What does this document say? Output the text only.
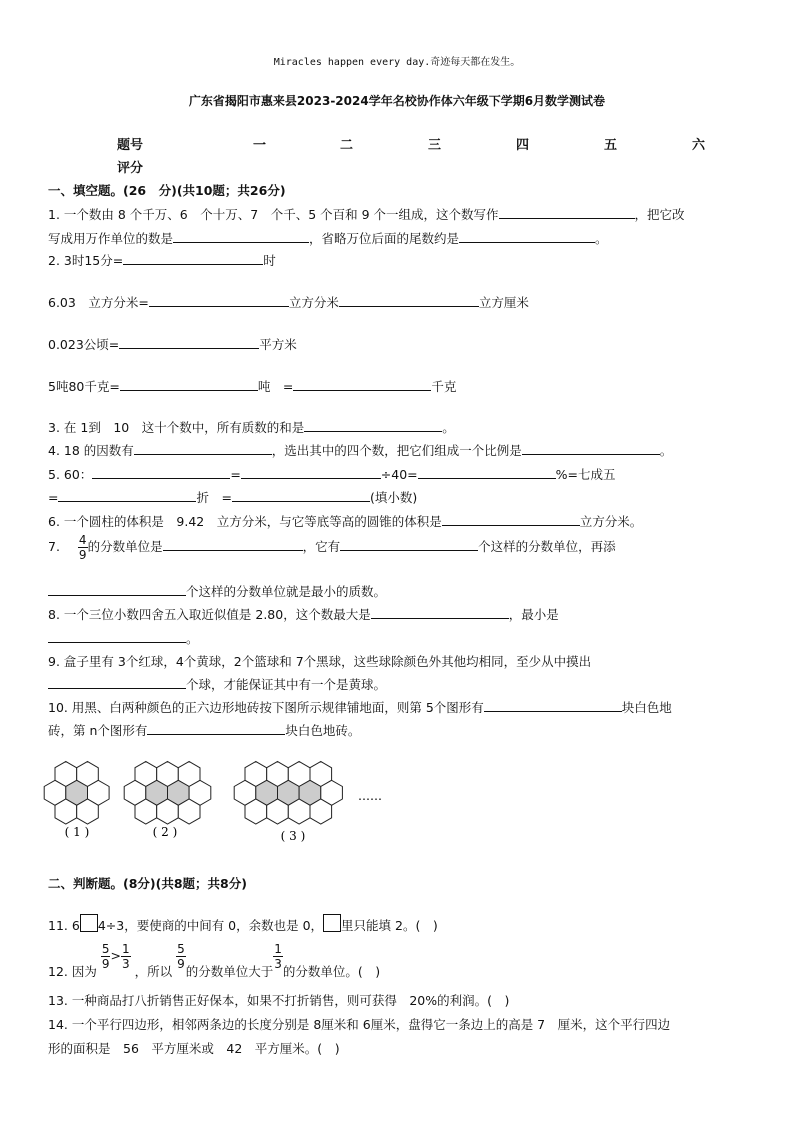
Miracles happen every day.奇迹每天都在发生。
广东省揭阳市惠来县2023-2024学年名校协作体六年级下学期6月数学测试卷
题号	一	二	三	四	五	六
评分
一、填空题。(26　分)(共10题；共26分)
1. 一个数由 8 个千万、6　个十万、7　个千、5 个百和 9 个一组成，这个数写作	，把它改
写成用万作单位的数是	，省略万位后面的尾数约是	。
2. 3时15分=	时
6.03　立方分米=	立方分米	立方厘米
0.023公顷=	平方米
5吨80千克=	吨　=	千克
3. 在 1到　10　这十个数中，所有质数的和是	。
4. 18 的因数有	，选出其中的四个数，把它们组成一个比例是	。
5. 60：	=	÷40=	%=七成五
=	折　=	(填小数)
6. 一个圆柱的体积是　9.42　立方分米，与它等底等高的圆锥的体积是	立方分米。
7. $\frac{4}{9}$ 的分数单位是	，它有	个这样的分数单位，再添
个这样的分数单位就是最小的质数。
8. 一个三位小数四舍五入取近似值是 2.80，这个数最大是	，最小是
。
9. 盒子里有 3个红球，4个黄球，2个篮球和 7个黑球，这些球除颜色外其他均相同，至少从中摸出
个球，才能保证其中有一个是黄球。
10. 用黑、白两种颜色的正六边形地砖按下图所示规律铺地面，则第 5个图形有	块白色地
砖，第 n个图形有	块白色地砖。
( 1 )	( 2 )	( 3 )
……
二、判断题。(8分)(共8题；共8分)
11. 6 4÷3，要使商的中间有 0，余数也是 0， 里只能填 2。(　)
12. 因为
$\frac{5}{9} > \frac{1}{3}$
，所以
$\frac{5}{9}$
的分数单位大于
$\frac{1}{3}$
的分数单位。(　)
13. 一种商品打八折销售正好保本，如果不打折销售，则可获得　20%的利润。(　)
14. 一个平行四边形，相邻两条边的长度分别是 8厘米和 6厘米，盘得它一条边上的高是 7　厘米，这个平行四边
形的面积是　56　平方厘米或　42　平方厘米。(　)
